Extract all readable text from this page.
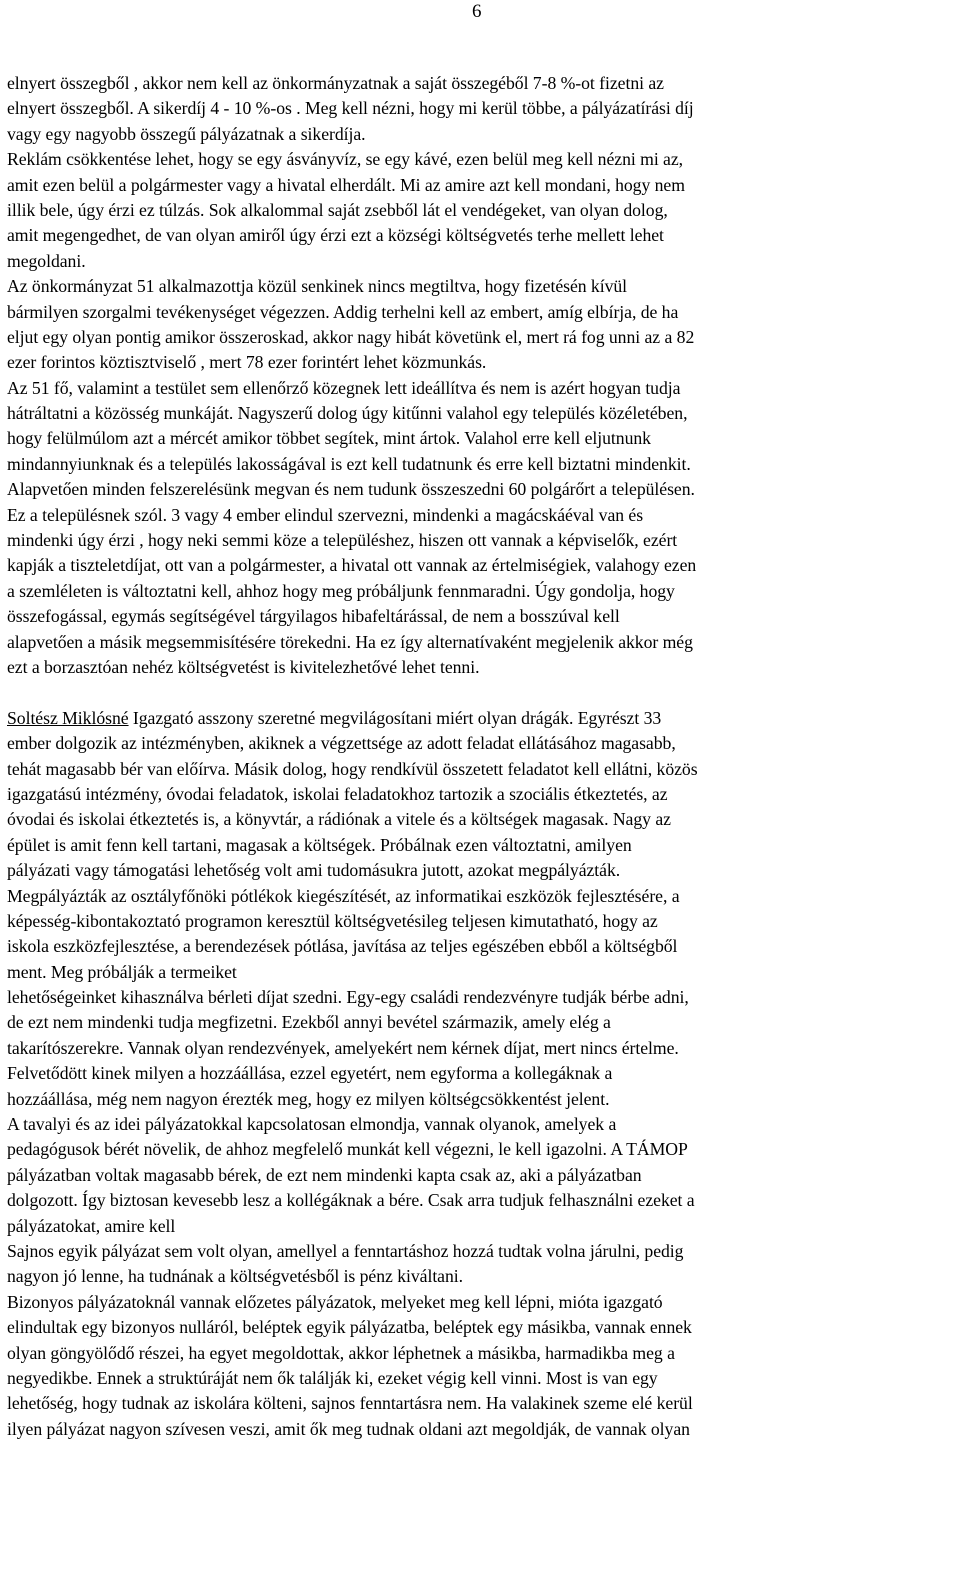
6
elnyert összegből , akkor nem kell az önkormányzatnak a saját összegéből 7-8 %-ot fizetni az
elnyert összegből. A sikerdíj 4 - 10 %-os . Meg kell nézni, hogy mi kerül többe, a pályázatírási díj
vagy egy nagyobb összegű pályázatnak a sikerdíja.
Reklám csökkentése lehet, hogy se egy ásványvíz, se egy kávé, ezen belül meg kell nézni mi az,
amit ezen belül a polgármester vagy a hivatal elherdált. Mi az amire azt kell mondani, hogy nem
illik bele, úgy érzi ez túlzás. Sok alkalommal saját zsebből lát el vendégeket, van olyan dolog,
amit megengedhet, de van olyan amiről úgy érzi ezt a községi költségvetés terhe mellett lehet
megoldani.
Az önkormányzat 51 alkalmazottja közül senkinek nincs megtiltva, hogy fizetésén kívül
bármilyen szorgalmi tevékenységet végezzen. Addig terhelni kell az embert, amíg elbírja, de ha
eljut egy olyan pontig amikor összeroskad, akkor nagy hibát követünk el, mert rá fog unni az a 82
ezer forintos köztisztviselő , mert 78 ezer forintért lehet közmunkás.
Az 51 fő, valamint a testület sem ellenőrző közegnek lett ideállítva és nem is azért hogyan tudja
hátráltatni a közösség munkáját. Nagyszerű dolog úgy kitűnni valahol egy település közéletében,
hogy felülmúlom azt a mércét amikor többet segítek, mint ártok. Valahol erre kell eljutnunk
mindannyiunknak és a település lakosságával is ezt kell tudatnunk és erre kell biztatni mindenkit.
Alapvetően minden felszerelésünk megvan és nem tudunk összeszedni 60 polgárőrt a településen.
Ez a településnek szól. 3 vagy 4 ember elindul szervezni, mindenki a magácskáéval van és
mindenki úgy érzi , hogy neki semmi köze a településhez, hiszen ott vannak a képviselők, ezért
kapják a tiszteletdíjat, ott van a polgármester, a hivatal ott vannak az értelmiségiek, valahogy ezen
a szemléleten is változtatni kell, ahhoz hogy meg próbáljunk fennmaradni. Úgy gondolja, hogy
összefogással, egymás segítségével tárgyilagos hibafeltárással, de nem a bosszúval kell
alapvetően a másik megsemmisítésére törekedni. Ha ez így alternatívaként megjelenik akkor még
ezt a borzasztóan nehéz költségvetést is kivitelezhetővé lehet tenni.
Soltész Miklósné Igazgató asszony szeretné megvilágosítani miért olyan drágák. Egyrészt 33
ember dolgozik az intézményben, akiknek a végzettsége az adott feladat ellátásához magasabb,
tehát magasabb bér van előírva. Másik dolog, hogy rendkívül összetett feladatot kell ellátni, közös
igazgatású intézmény, óvodai feladatok, iskolai feladatokhoz tartozik a szociális étkeztetés, az
óvodai és iskolai étkeztetés is, a könyvtár, a rádiónak a vitele és a költségek magasak. Nagy az
épület is amit fenn kell tartani, magasak a költségek. Próbálnak ezen változtatni, amilyen
pályázati vagy támogatási lehetőség volt ami tudomásukra jutott, azokat megpályázták.
Megpályázták az osztályfőnöki pótlékok kiegészítését, az informatikai eszközök fejlesztésére, a
képesség-kibontakoztató programon keresztül költségvetésileg teljesen kimutatható, hogy az
iskola eszközfejlesztése, a berendezések pótlása, javítása az teljes egészében ebből a költségből
ment. Meg próbálják a termeiket
lehetőségeinket kihasználva bérleti díjat szedni. Egy-egy családi rendezvényre tudják bérbe adni,
de ezt nem mindenki tudja megfizetni. Ezekből annyi bevétel származik, amely elég a
takarítószerekre. Vannak olyan rendezvények, amelyekért nem kérnek díjat, mert nincs értelme.
Felvetődött kinek milyen a hozzáállása, ezzel egyetért, nem egyforma a kollegáknak a
hozzáállása, még nem nagyon érezték meg, hogy ez milyen költségcsökkentést jelent.
A tavalyi és az idei pályázatokkal kapcsolatosan elmondja, vannak olyanok, amelyek a
pedagógusok bérét növelik, de ahhoz megfelelő munkát kell végezni, le kell igazolni. A TÁMOP
pályázatban voltak magasabb bérek, de ezt nem mindenki kapta csak az, aki a pályázatban
dolgozott. Így biztosan kevesebb lesz a kollégáknak a bére. Csak arra tudjuk felhasználni ezeket a
pályázatokat, amire kell
Sajnos egyik pályázat sem volt olyan, amellyel a fenntartáshoz hozzá tudtak volna járulni, pedig
nagyon jó lenne, ha tudnának a költségvetésből is pénz kiváltani.
Bizonyos pályázatoknál vannak előzetes pályázatok, melyeket meg kell lépni, mióta igazgató
elindultak egy bizonyos nulláról, beléptek egyik pályázatba, beléptek egy másikba, vannak ennek
olyan göngyölődő részei, ha egyet megoldottak, akkor léphetnek a másikba, harmadikba meg a
negyedikbe. Ennek a struktúráját nem ők találják ki, ezeket végig kell vinni. Most is van egy
lehetőség, hogy tudnak az iskolára költeni, sajnos fenntartásra nem. Ha valakinek szeme elé kerül
ilyen pályázat nagyon szívesen veszi, amit ők meg tudnak oldani azt megoldják, de vannak olyan
